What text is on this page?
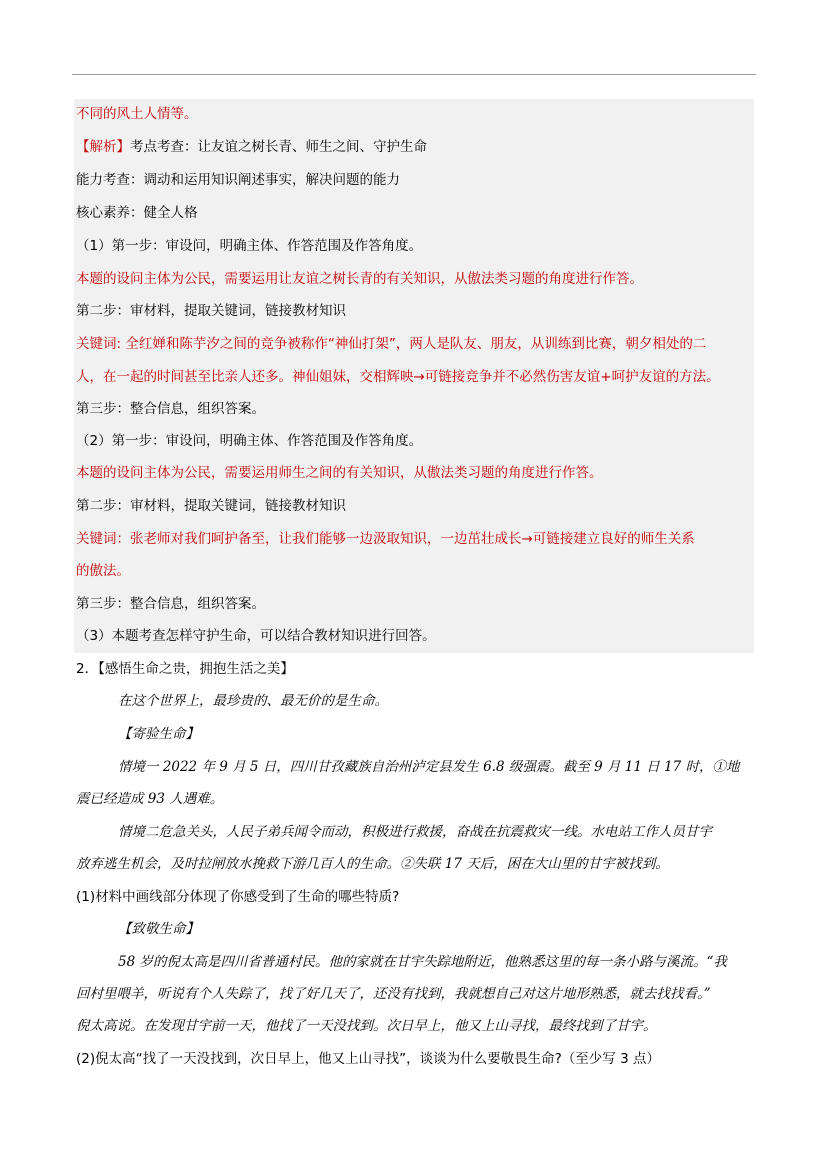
不同的风土人情等。
【解析】考点考查：让友谊之树长青、师生之间、守护生命
能力考查：调动和运用知识阐述事实，解决问题的能力
核心素养：健全人格
（1）第一步：审设问，明确主体、作答范围及作答角度。
本题的设问主体为公民，需要运用让友谊之树长青的有关知识，从傲法类习题的角度进行作答。
第二步：审材料，提取关键词，链接教材知识
关键词: 全红婵和陈芋汐之间的竞争被称作“神仙打架”，两人是队友、朋友，从训练到比赛，朝夕相处的二
人，在一起的时间甚至比亲人还多。神仙姐妹，交相辉映→可链接竞争并不必然伤害友谊+呵护友谊的方法。
第三步：整合信息，组织答案。
（2）第一步：审设问，明确主体、作答范围及作答角度。
本题的设问主体为公民，需要运用师生之间的有关知识，从傲法类习题的角度进行作答。
第二步：审材料，提取关键词，链接教材知识
关键词：张老师对我们呵护备至，让我们能够一边汲取知识，一边茁壮成长→可链接建立良好的师生关系
的傲法。
第三步：整合信息，组织答案。
（3）本题考查怎样守护生命，可以结合教材知识进行回答。
2．【感悟生命之贵，拥抱生活之美】
在这个世界上，最珍贵的、最无价的是生命。
【寄验生命】
情境一 2022 年 9 月 5 日，四川甘孜藏族自治州泸定县发生 6.8 级强震。截至 9 月 11 日 17 时，①地
震已经造成 93 人遇难。
情境二危急关头，人民子弟兵闻令而动，积极进行救援，奋战在抗震救灾一线。水电站工作人员甘宇
放弃逃生机会，及时拉闸放水挽救下游几百人的生命。②失联 17 天后，困在大山里的甘宇被找到。
(1)材料中画线部分体现了你感受到了生命的哪些特质?
【致敬生命】
58 岁的倪太高是四川省普通村民。他的家就在甘宇失踪地附近，他熟悉这里的每一条小路与溪流。“我
回村里喂羊，听说有个人失踪了，找了好几天了，还没有找到，我就想自己对这片地形熟悉，就去找找看。”
倪太高说。在发现甘宇前一天，他找了一天没找到。次日早上，他又上山寻找，最终找到了甘宇。
(2)倪太高“找了一天没找到，次日早上，他又上山寻找”，谈谈为什么要敬畏生命?（至少写 3 点）
